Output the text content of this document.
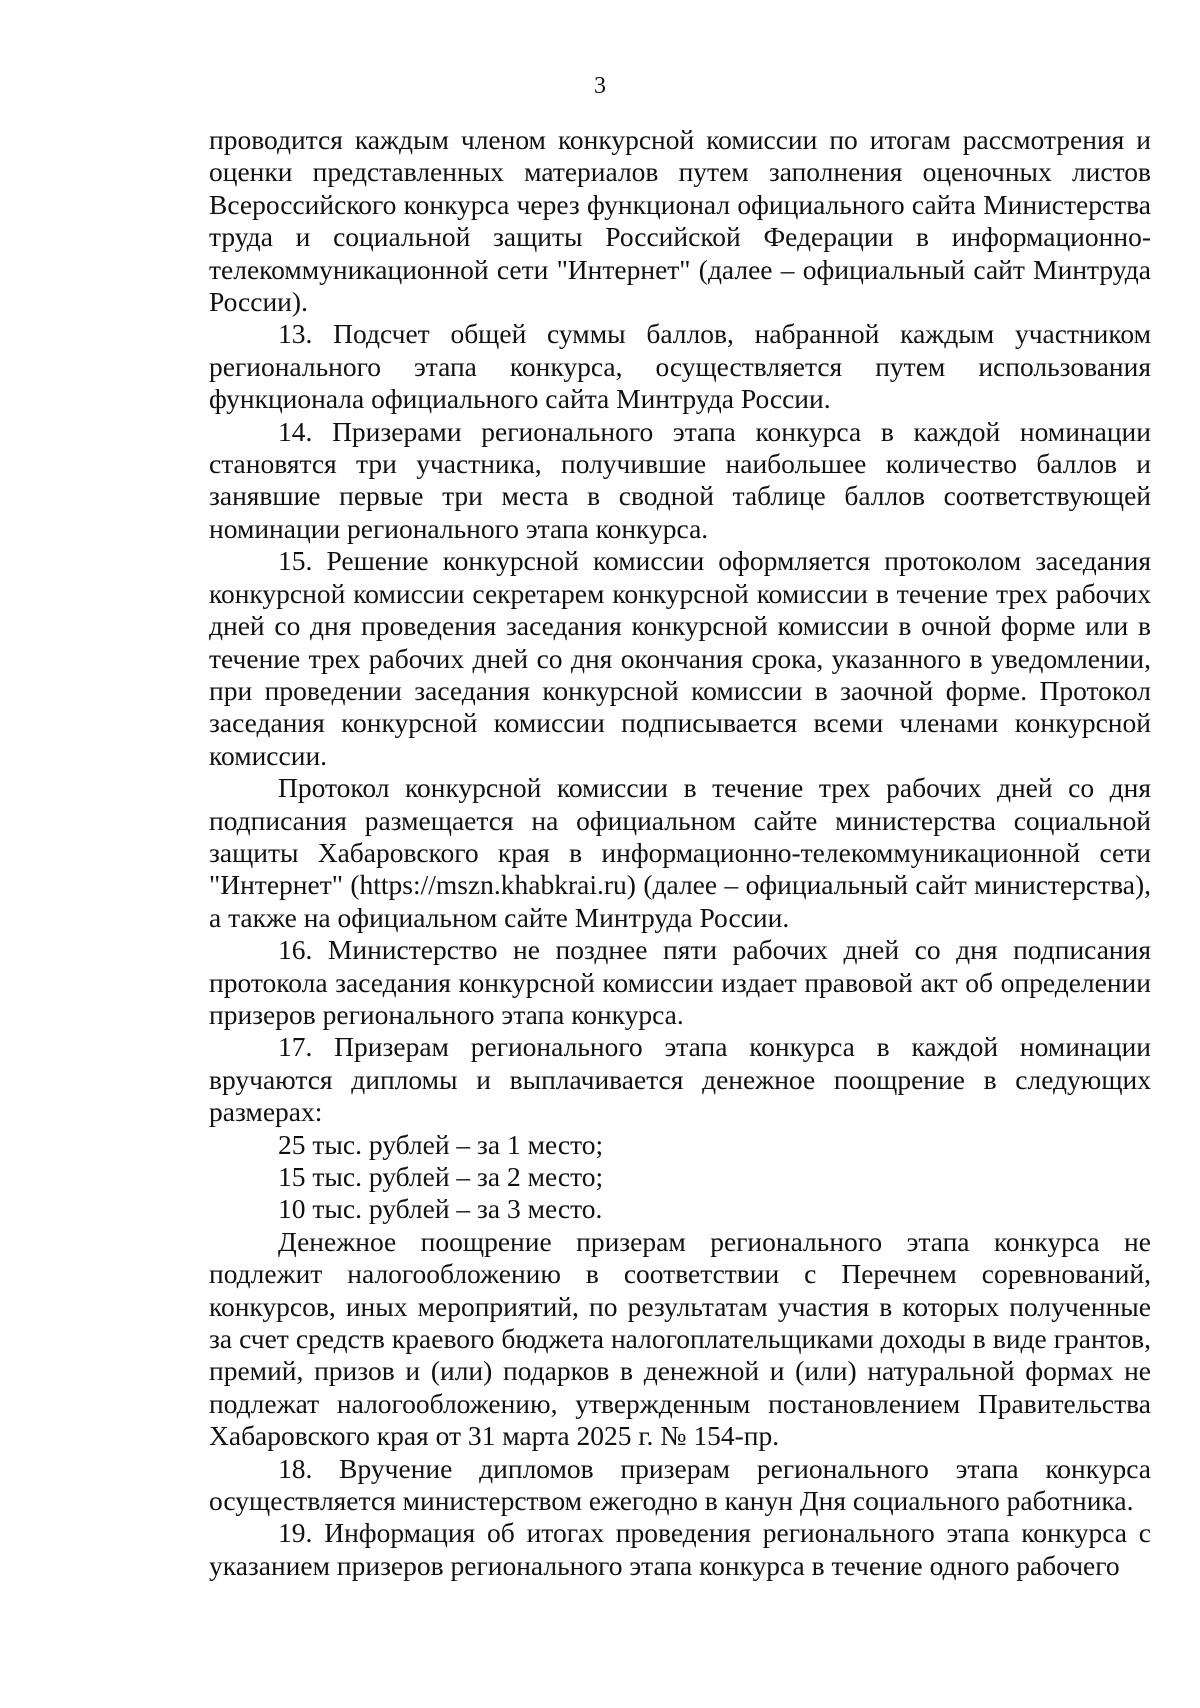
3

проводится каждым членом конкурсной комиссии по итогам рассмотрения и оценки представленных материалов путем заполнения оценочных листов Всероссийского конкурса через функционал официального сайта Министерства труда и социальной защиты Российской Федерации в информационно-телекоммуникационной сети "Интернет" (далее – официальный сайт Минтруда России).

13. Подсчет общей суммы баллов, набранной каждым участником регионального этапа конкурса, осуществляется путем использования функционала официального сайта Минтруда России.

14. Призерами регионального этапа конкурса в каждой номинации становятся три участника, получившие наибольшее количество баллов и занявшие первые три места в сводной таблице баллов соответствующей номинации регионального этапа конкурса.

15. Решение конкурсной комиссии оформляется протоколом заседания конкурсной комиссии секретарем конкурсной комиссии в течение трех рабочих дней со дня проведения заседания конкурсной комиссии в очной форме или в течение трех рабочих дней со дня окончания срока, указанного в уведомлении, при проведении заседания конкурсной комиссии в заочной форме. Протокол заседания конкурсной комиссии подписывается всеми членами конкурсной комиссии.

Протокол конкурсной комиссии в течение трех рабочих дней со дня подписания размещается на официальном сайте министерства социальной защиты Хабаровского края в информационно-телекоммуникационной сети "Интернет" (https://mszn.khabkrai.ru) (далее – официальный сайт министерства), а также на официальном сайте Минтруда России.

16. Министерство не позднее пяти рабочих дней со дня подписания протокола заседания конкурсной комиссии издает правовой акт об определении призеров регионального этапа конкурса.

17. Призерам регионального этапа конкурса в каждой номинации вручаются дипломы и выплачивается денежное поощрение в следующих размерах:

25 тыс. рублей – за 1 место;

15 тыс. рублей – за 2 место;

10 тыс. рублей – за 3 место.

Денежное поощрение призерам регионального этапа конкурса не подлежит налогообложению в соответствии с Перечнем соревнований, конкурсов, иных мероприятий, по результатам участия в которых полученные за счет средств краевого бюджета налогоплательщиками доходы в виде грантов, премий, призов и (или) подарков в денежной и (или) натуральной формах не подлежат налогообложению, утвержденным постановлением Правительства Хабаровского края от 31 марта 2025 г. № 154-пр.

18. Вручение дипломов призерам регионального этапа конкурса осуществляется министерством ежегодно в канун Дня социального работника.

19. Информация об итогах проведения регионального этапа конкурса с указанием призеров регионального этапа конкурса в течение одного рабочего
